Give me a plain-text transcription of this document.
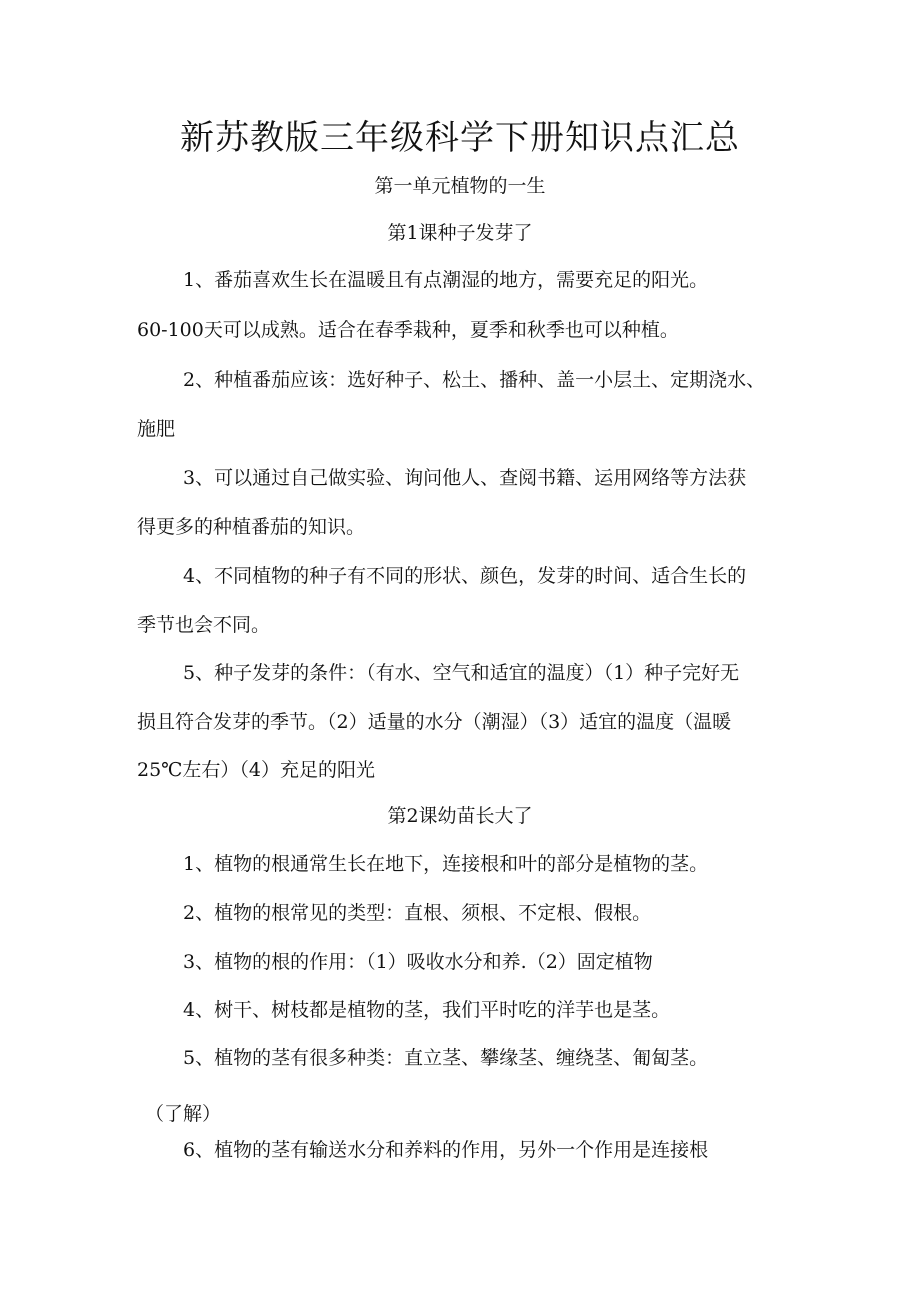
新苏教版三年级科学下册知识点汇总
第一单元植物的一生
第1课种子发芽了
1、番茄喜欢生长在温暖且有点潮湿的地方，需要充足的阳光。
60-100天可以成熟。适合在春季栽种，夏季和秋季也可以种植。
2、种植番茄应该：选好种子、松土、播种、盖一小层土、定期浇水、
施肥
3、可以通过自己做实验、询问他人、查阅书籍、运用网络等方法获
得更多的种植番茄的知识。
4、不同植物的种子有不同的形状、颜色，发芽的时间、适合生长的
季节也会不同。
5、种子发芽的条件：（有水、空气和适宜的温度）（1）种子完好无
损且符合发芽的季节。（2）适量的水分（潮湿）（3）适宜的温度（温暖
25℃左右）（4）充足的阳光
第2课幼苗长大了
1、植物的根通常生长在地下，连接根和叶的部分是植物的茎。
2、植物的根常见的类型：直根、须根、不定根、假根。
3、植物的根的作用：（1）吸收水分和养.（2）固定植物
4、树干、树枝都是植物的茎，我们平时吃的洋芋也是茎。
5、植物的茎有很多种类：直立茎、攀缘茎、缠绕茎、匍匐茎。
（了解）
6、植物的茎有输送水分和养料的作用，另外一个作用是连接根
